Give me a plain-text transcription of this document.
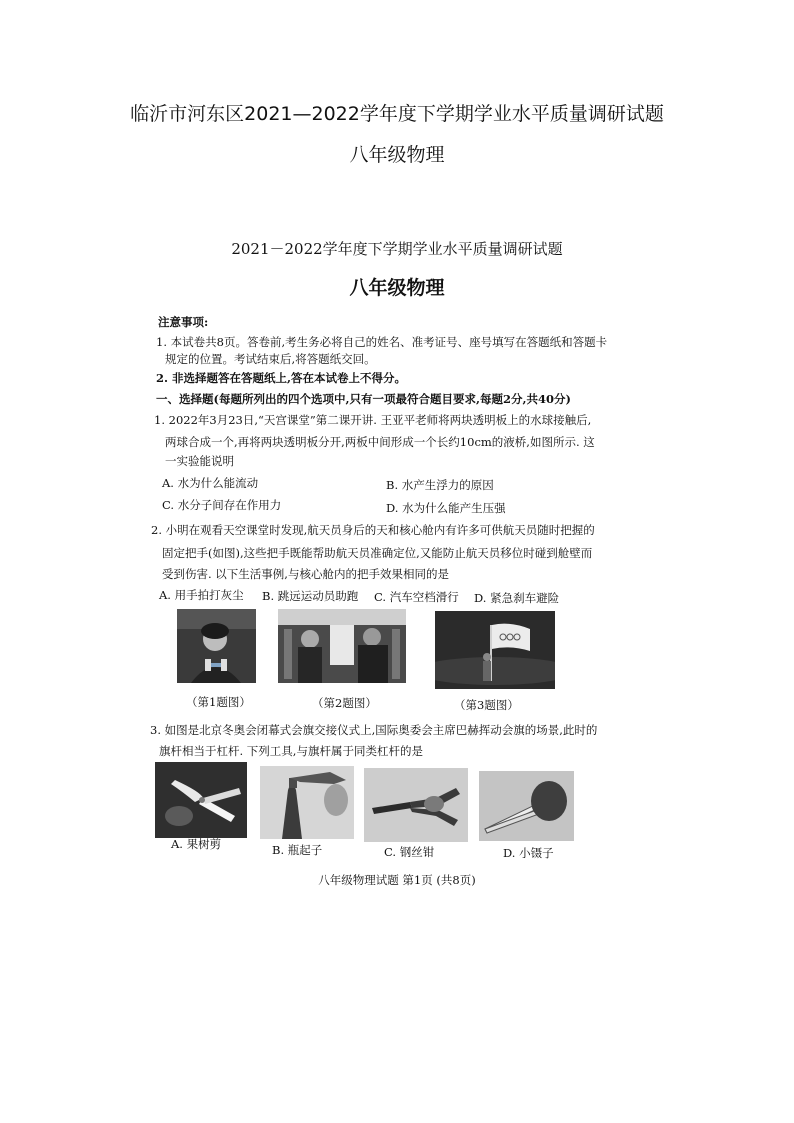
临沂市河东区2021—2022学年度下学期学业水平质量调研试题
八年级物理
2021－2022学年度下学期学业水平质量调研试题
八年级物理
注意事项:
1. 本试卷共8页。答卷前,考生务必将自己的姓名、准考证号、座号填写在答题纸和答题卡
规定的位置。考试结束后,将答题纸交回。
2. 非选择题答在答题纸上,答在本试卷上不得分。
一、选择题(每题所列出的四个选项中,只有一项最符合题目要求,每题2分,共40分)
1. 2022年3月23日,“天宫课堂”第二课开讲. 王亚平老师将两块透明板上的水球接触后,
两球合成一个,再将两块透明板分开,两板中间形成一个长约10cm的液桥,如图所示. 这
一实验能说明
A. 水为什么能流动	B. 水产生浮力的原因
C. 水分子间存在作用力	D. 水为什么能产生压强
2. 小明在观看天空课堂时发现,航天员身后的天和核心舱内有许多可供航天员随时把握的
固定把手(如图),这些把手既能帮助航天员准确定位,又能防止航天员移位时碰到舱壁而
受到伤害. 以下生活事例,与核心舱内的把手效果相同的是
A. 用手拍打灰尘 B. 跳远运动员助跑 C. 汽车空档滑行 D. 紧急刹车避险
（第1题图）	（第2题图）	（第3题图）
3. 如图是北京冬奥会闭幕式会旗交接仪式上,国际奥委会主席巴赫挥动会旗的场景,此时的
旗杆相当于杠杆. 下列工具,与旗杆属于同类杠杆的是
A. 果树剪	B. 瓶起子	C. 钢丝钳	D. 小镊子
八年级物理试题 第1页 (共8页)
